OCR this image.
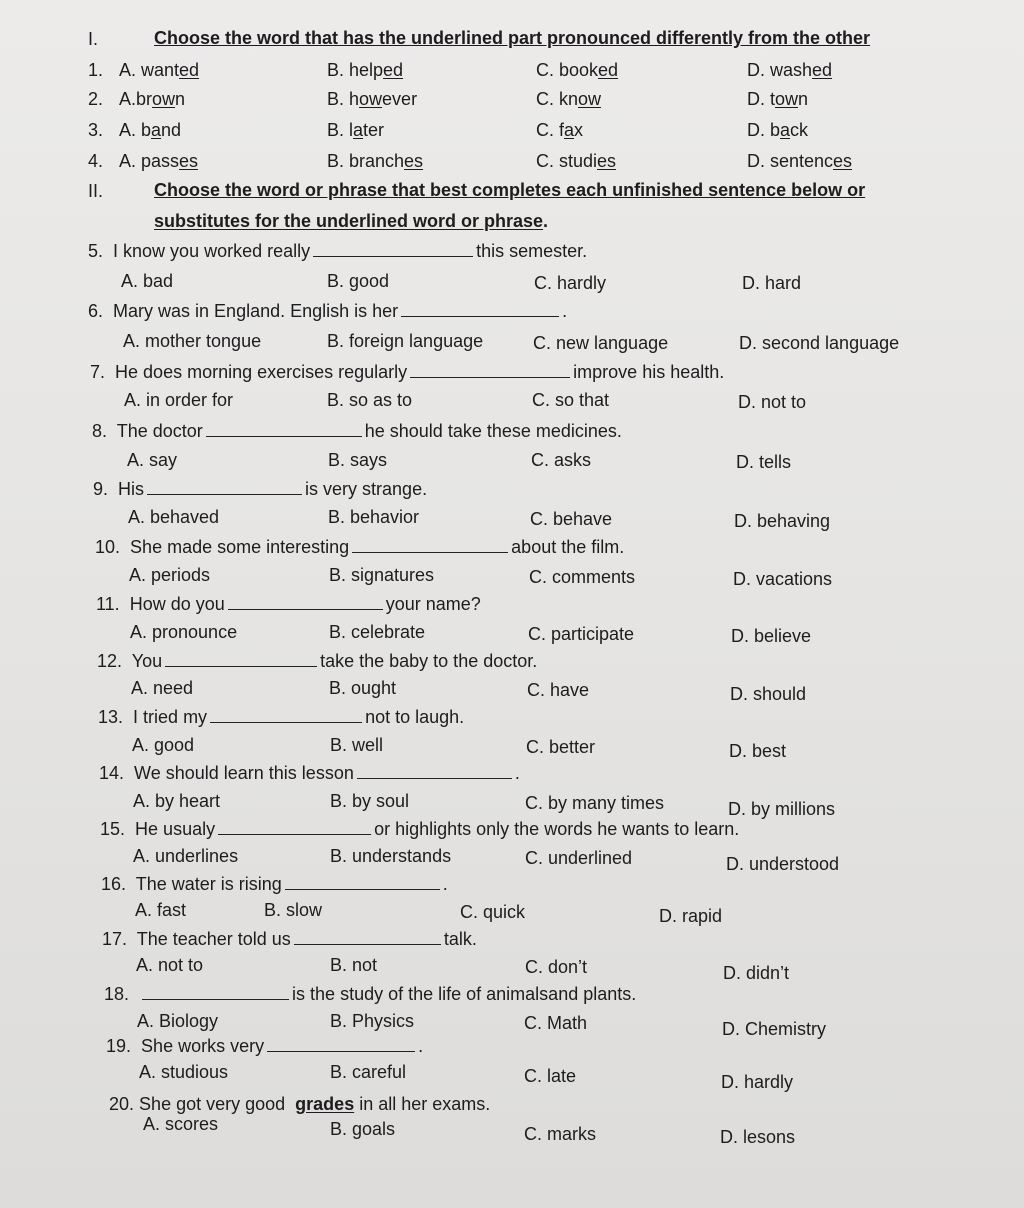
I.	Choose the word that has the underlined part pronounced differently from the other
1. A. wanted	B. helped	C. booked	D. washed
2. A.brown	B. however	C. know	D. town
3. A. band	B. later	C. fax	D. back
4. A. passes	B. branches	C. studies	D. sentences
II.	Choose the word or phrase that best completes each unfinished sentence below or
substitutes for the underlined word or phrase.
5. I know you worked really	this semester.
A. bad	B. good	C. hardly	D. hard
6. Mary was in England. English is her	.
A. mother tongue	B. foreign language	C. new language	D. second language
7. He does morning exercises regularly	improve his health.
A. in order for	B. so as to	C. so that	D. not to
8. The doctor	he should take these medicines.
A. say	B. says	C. asks	D. tells
9. His	is very strange.
A. behaved	B. behavior	C. behave	D. behaving
10. She made some interesting	about the film.
A. periods	B. signatures	C. comments	D. vacations
11. How do you	your name?
A. pronounce	B. celebrate	C. participate	D. believe
12. You	take the baby to the doctor.
A. need	B. ought	C. have	D. should
13. I tried my	not to laugh.
A. good	B. well	C. better	D. best
14. We should learn this lesson	.
A. by heart	B. by soul	C. by many times	D. by millions
15. He usualy	or highlights only the words he wants to learn.
A. underlines	B. understands	C. underlined	D. understood
16. The water is rising	.
A. fast	B. slow	C. quick	D. rapid
17. The teacher told us	talk.
A. not to	B. not	C. don’t	D. didn’t
18.	is the study of the life of animalsand plants.
A. Biology	B. Physics	C. Math	D. Chemistry
19. She works very	.
A. studious	B. careful	C. late	D. hardly
20. She got very good grades in all her exams.
A. scores	B. goals	C. marks	D. lesons
